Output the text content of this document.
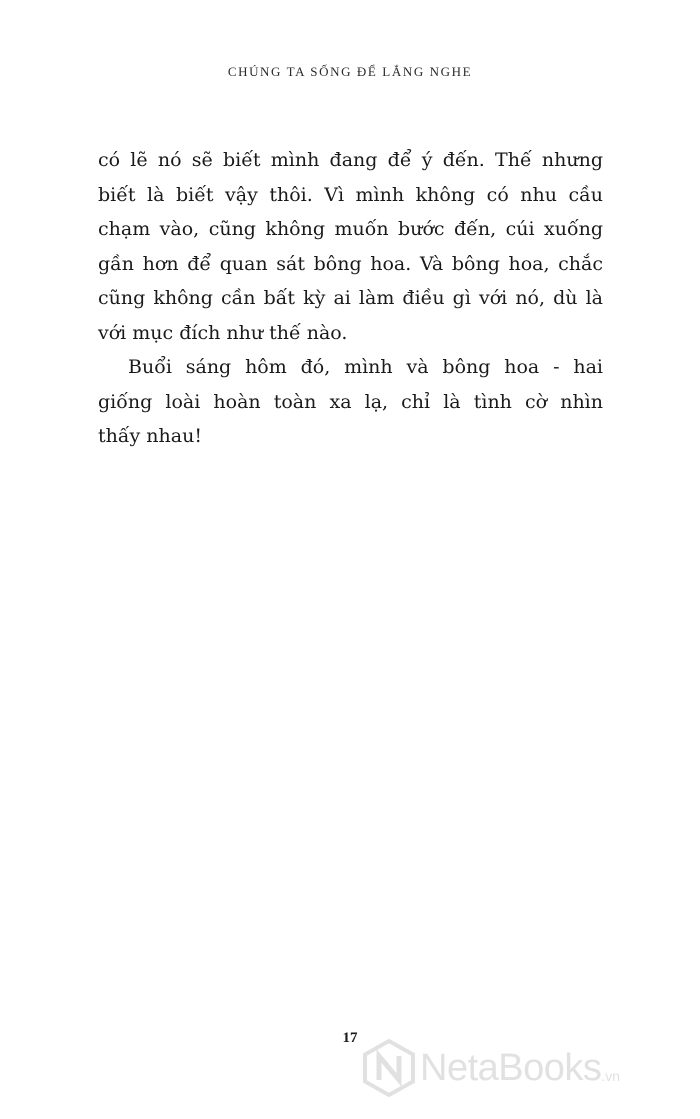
CHÚNG TA SỐNG ĐỂ LẮNG NGHE
có lẽ nó sẽ biết mình đang để ý đến. Thế nhưng
biết là biết vậy thôi. Vì mình không có nhu cầu
chạm vào, cũng không muốn bước đến, cúi xuống
gần hơn để quan sát bông hoa. Và bông hoa, chắc
cũng không cần bất kỳ ai làm điều gì với nó, dù là
với mục đích như thế nào.
Buổi sáng hôm đó, mình và bông hoa - hai
giống loài hoàn toàn xa lạ, chỉ là tình cờ nhìn
thấy nhau!
17
NetaBooks .vn
